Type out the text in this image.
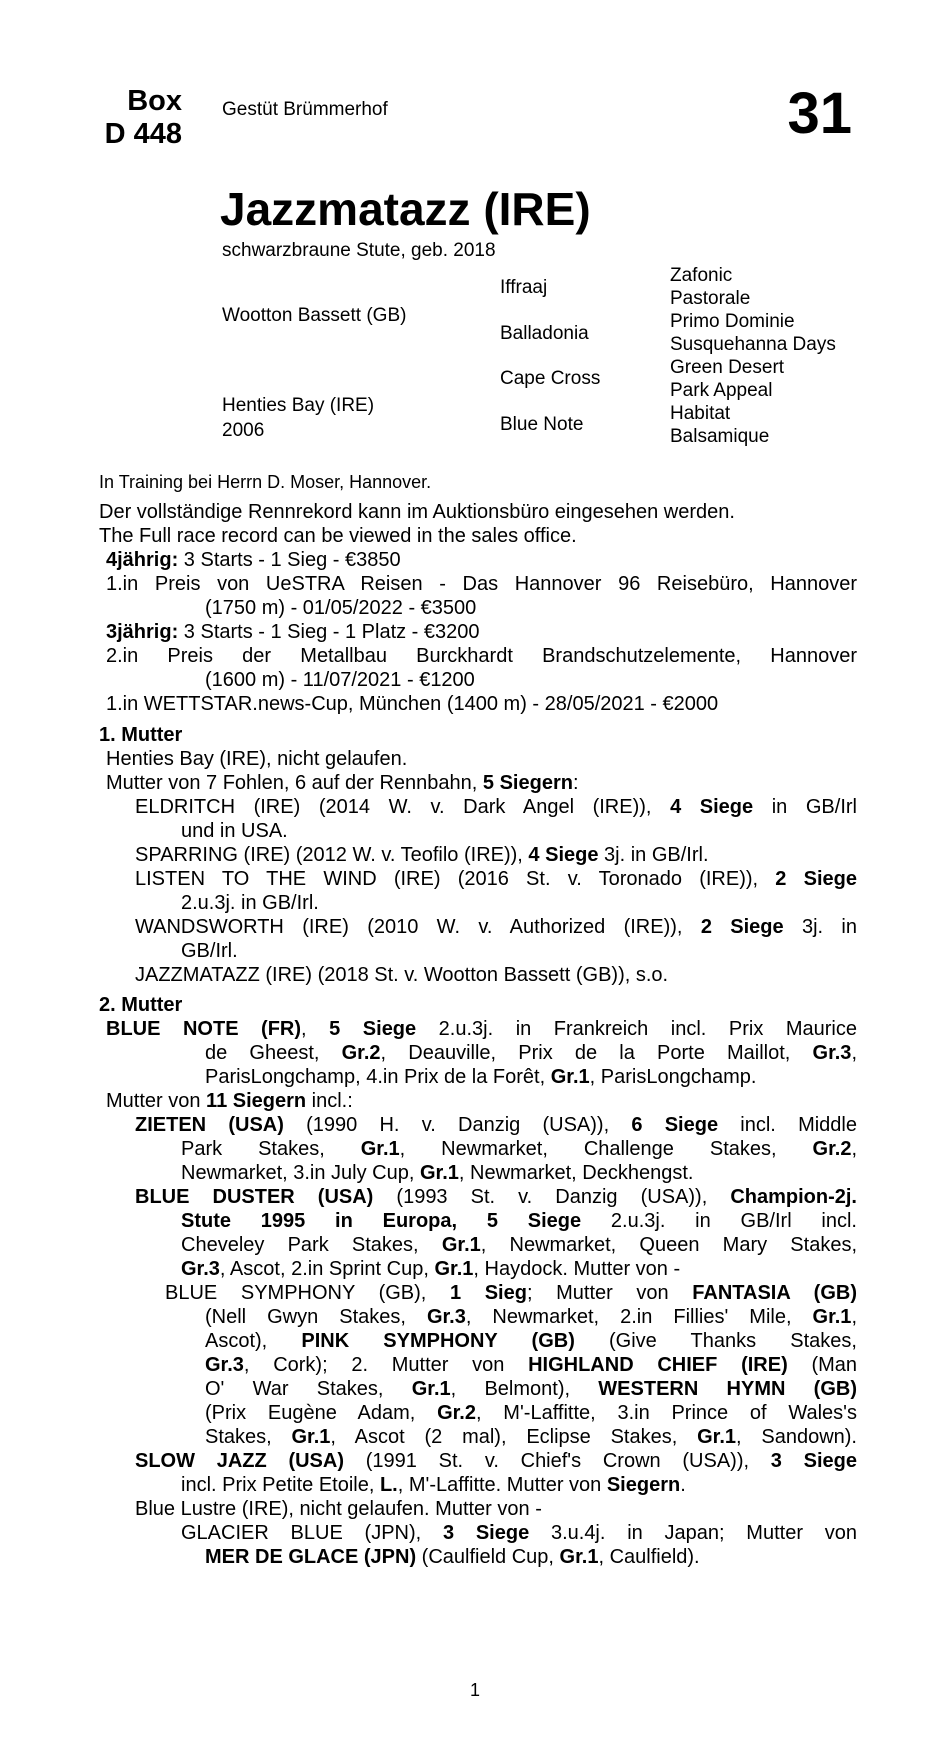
Box
D 448	31
Gestüt Brümmerhof
Jazzmatazz (IRE)
schwarzbraune Stute, geb. 2018
Wootton Bassett (GB)
Henties Bay (IRE)
2006
Iffraaj
Balladonia
Cape Cross
Blue Note
Zafonic
Pastorale
Primo Dominie
Susquehanna Days
Green Desert
Park Appeal
Habitat
Balsamique
In Training bei Herrn D. Moser, Hannover.
Der vollständige Rennrekord kann im Auktionsbüro eingesehen werden.
The Full race record can be viewed in the sales office.
4jährig: 3 Starts - 1 Sieg - €3850
1.in Preis von UeSTRA Reisen - Das Hannover 96 Reisebüro, Hannover
(1750 m) - 01/05/2022 - €3500
3jährig: 3 Starts - 1 Sieg - 1 Platz - €3200
2.in Preis der Metallbau Burckhardt Brandschutzelemente, Hannover
(1600 m) - 11/07/2021 - €1200
1.in WETTSTAR.news-Cup, München (1400 m) - 28/05/2021 - €2000
1. Mutter
Henties Bay (IRE), nicht gelaufen.
Mutter von 7 Fohlen, 6 auf der Rennbahn, 5 Siegern:
ELDRITCH (IRE) (2014 W. v. Dark Angel (IRE)), 4 Siege in GB/Irl
und in USA.
SPARRING (IRE) (2012 W. v. Teofilo (IRE)), 4 Siege 3j. in GB/Irl.
LISTEN TO THE WIND (IRE) (2016 St. v. Toronado (IRE)), 2 Siege
2.u.3j. in GB/Irl.
WANDSWORTH (IRE) (2010 W. v. Authorized (IRE)), 2 Siege 3j. in
GB/Irl.
JAZZMATAZZ (IRE) (2018 St. v. Wootton Bassett (GB)), s.o.
2. Mutter
BLUE NOTE (FR), 5 Siege 2.u.3j. in Frankreich incl. Prix Maurice
de Gheest, Gr.2, Deauville, Prix de la Porte Maillot, Gr.3,
ParisLongchamp, 4.in Prix de la Forêt, Gr.1, ParisLongchamp.
Mutter von 11 Siegern incl.:
ZIETEN (USA) (1990 H. v. Danzig (USA)), 6 Siege incl. Middle
Park Stakes, Gr.1, Newmarket, Challenge Stakes, Gr.2,
Newmarket, 3.in July Cup, Gr.1, Newmarket, Deckhengst.
BLUE DUSTER (USA) (1993 St. v. Danzig (USA)), Champion-2j.
Stute 1995 in Europa, 5 Siege 2.u.3j. in GB/Irl incl.
Cheveley Park Stakes, Gr.1, Newmarket, Queen Mary Stakes,
Gr.3, Ascot, 2.in Sprint Cup, Gr.1, Haydock. Mutter von -
BLUE SYMPHONY (GB), 1 Sieg; Mutter von FANTASIA (GB)
(Nell Gwyn Stakes, Gr.3, Newmarket, 2.in Fillies' Mile, Gr.1,
Ascot), PINK SYMPHONY (GB) (Give Thanks Stakes,
Gr.3, Cork); 2. Mutter von HIGHLAND CHIEF (IRE) (Man
O' War Stakes, Gr.1, Belmont), WESTERN HYMN (GB)
(Prix Eugène Adam, Gr.2, M'-Laffitte, 3.in Prince of Wales's
Stakes, Gr.1, Ascot (2 mal), Eclipse Stakes, Gr.1, Sandown).
SLOW JAZZ (USA) (1991 St. v. Chief's Crown (USA)), 3 Siege
incl. Prix Petite Etoile, L., M'-Laffitte. Mutter von Siegern.
Blue Lustre (IRE), nicht gelaufen. Mutter von -
GLACIER BLUE (JPN), 3 Siege 3.u.4j. in Japan; Mutter von
MER DE GLACE (JPN) (Caulfield Cup, Gr.1, Caulfield).
1
